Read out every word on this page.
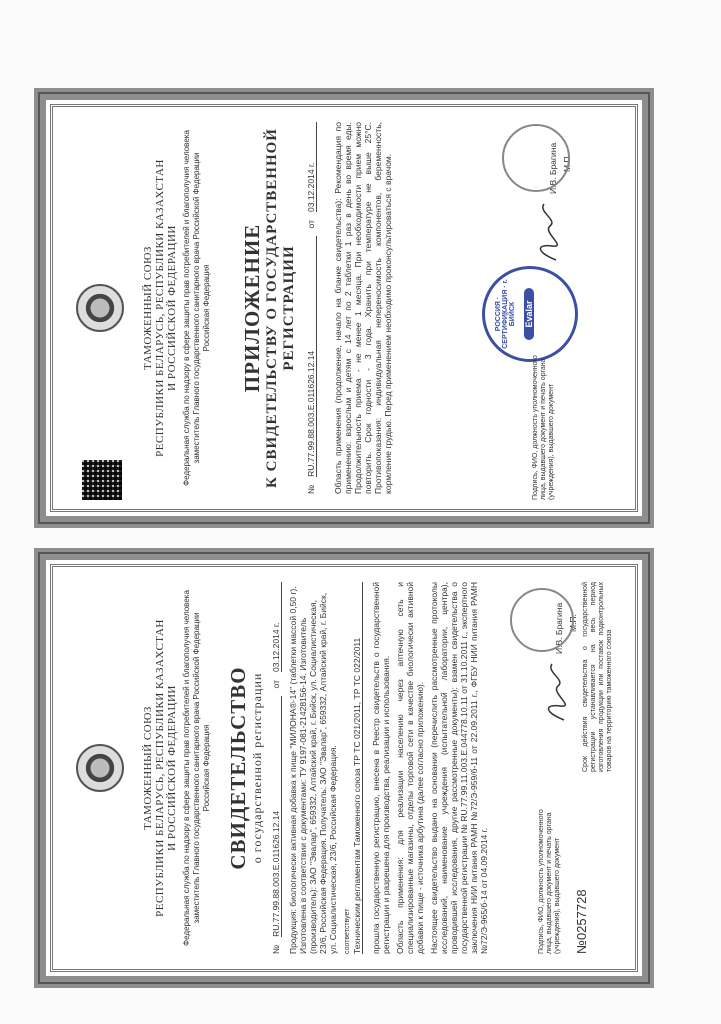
ТАМОЖЕННЫЙ СОЮЗ РЕСПУБЛИКИ БЕЛАРУСЬ, РЕСПУБЛИКИ КАЗАХСТАН И РОССИЙСКОЙ ФЕДЕРАЦИИ Федеральная служба по надзору в сфере защиты прав потребителей и благополучия человека заместитель Главного государственного санитарного врача Российской Федерации Российская Федерация ПРИЛОЖЕНИЕ К СВИДЕТЕЛЬСТВУ О ГОСУДАРСТВЕННОЙ РЕГИСТРАЦИИ
№
RU.77.99.88.003.Е.011626.12.14
от
03.12.2014 г. Область применения (продолжение, начало на бланке свидетельства): Рекомендация по применению: взрослым и детям с 14 лет по 2 таблетки 1 раз в день во время еды. Продолжительность приема - не менее 1 месяца. При необходимости прием можно повторить. Срок годности - 3 года. Хранить при температуре не выше 25°С. Противопоказания: индивидуальная непереносимость компонентов, беременность, кормление грудью. Перед применением необходимо проконсультироваться с врачом.	РОССИЯ · СЕРТИФИКАЦИЯ · г. БИЙСК Evalar
Подпись, ФИО, должность уполномоченного лица, выдавшего документ и печать органа (учреждения), выдавшего документ
И.В. Брагина М.П.
ТАМОЖЕННЫЙ СОЮЗ РЕСПУБЛИКИ БЕЛАРУСЬ, РЕСПУБЛИКИ КАЗАХСТАН И РОССИЙСКОЙ ФЕДЕРАЦИИ Федеральная служба по надзору в сфере защиты прав потребителей и благополучия человека заместитель Главного государственного санитарного врача Российской Федерации Российская Федерация СВИДЕТЕЛЬСТВО о государственной регистрации
№
RU.77.99.88.003.Е.011626.12.14
от
03.12.2014 г.
Продукция: биологически активная добавка к пище "МИЛОНА®-14" (таблетки массой 0,50 г). Изготовлена в соответствии с документами: ТУ 9197-081-21428156-14. Изготовитель (производитель): ЗАО "Эвалар", 659332, Алтайский край, г. Бийск, ул. Социалистическая, 23/6, Российская Федерация. Получатель: ЗАО "Эвалар", 659332, Алтайский край, г. Бийск, ул. Социалистическая, 23/6, Российская Федерация. соответствует Техническим регламентам Таможенного союза ТР ТС 021/2011, ТР ТС 022/2011 прошла государственную регистрацию, внесена в Реестр свидетельств о государственной регистрации и разрешена для производства, реализации и использования. Область применения: для реализации населению через аптечную сеть и специализированные магазины, отделы торговой сети в качестве биологически активной добавки к пище - источника арбутина (далее согласно приложению). Настоящее свидетельство выдано на основании (перечислить рассмотренные протоколы исследований, наименование учреждения (испытательной лаборатории, центра), проводившей исследования, другие рассмотренные документы): взамен свидетельства о государственной регистрации № RU.77.99.11.003.Е.044778.10.11 от 31.10.2011 г., экспертного заключения НИИ питания РАМН №72/Э-959/б-11 от 22.09.2011 г., ФГБУ НИИ питания РАМН №72/Э-965/б-14 от 04.09.2014 г.	Подпись, ФИО, должность уполномоченного лица, выдавшего документ и печать органа (учреждения), выдавшего документ №0257728
И.В. Брагина М.П. Срок действия свидетельства о государственной регистрации устанавливается на весь период изготовления продукции или поставок подконтрольных товаров на территорию таможенного союза
